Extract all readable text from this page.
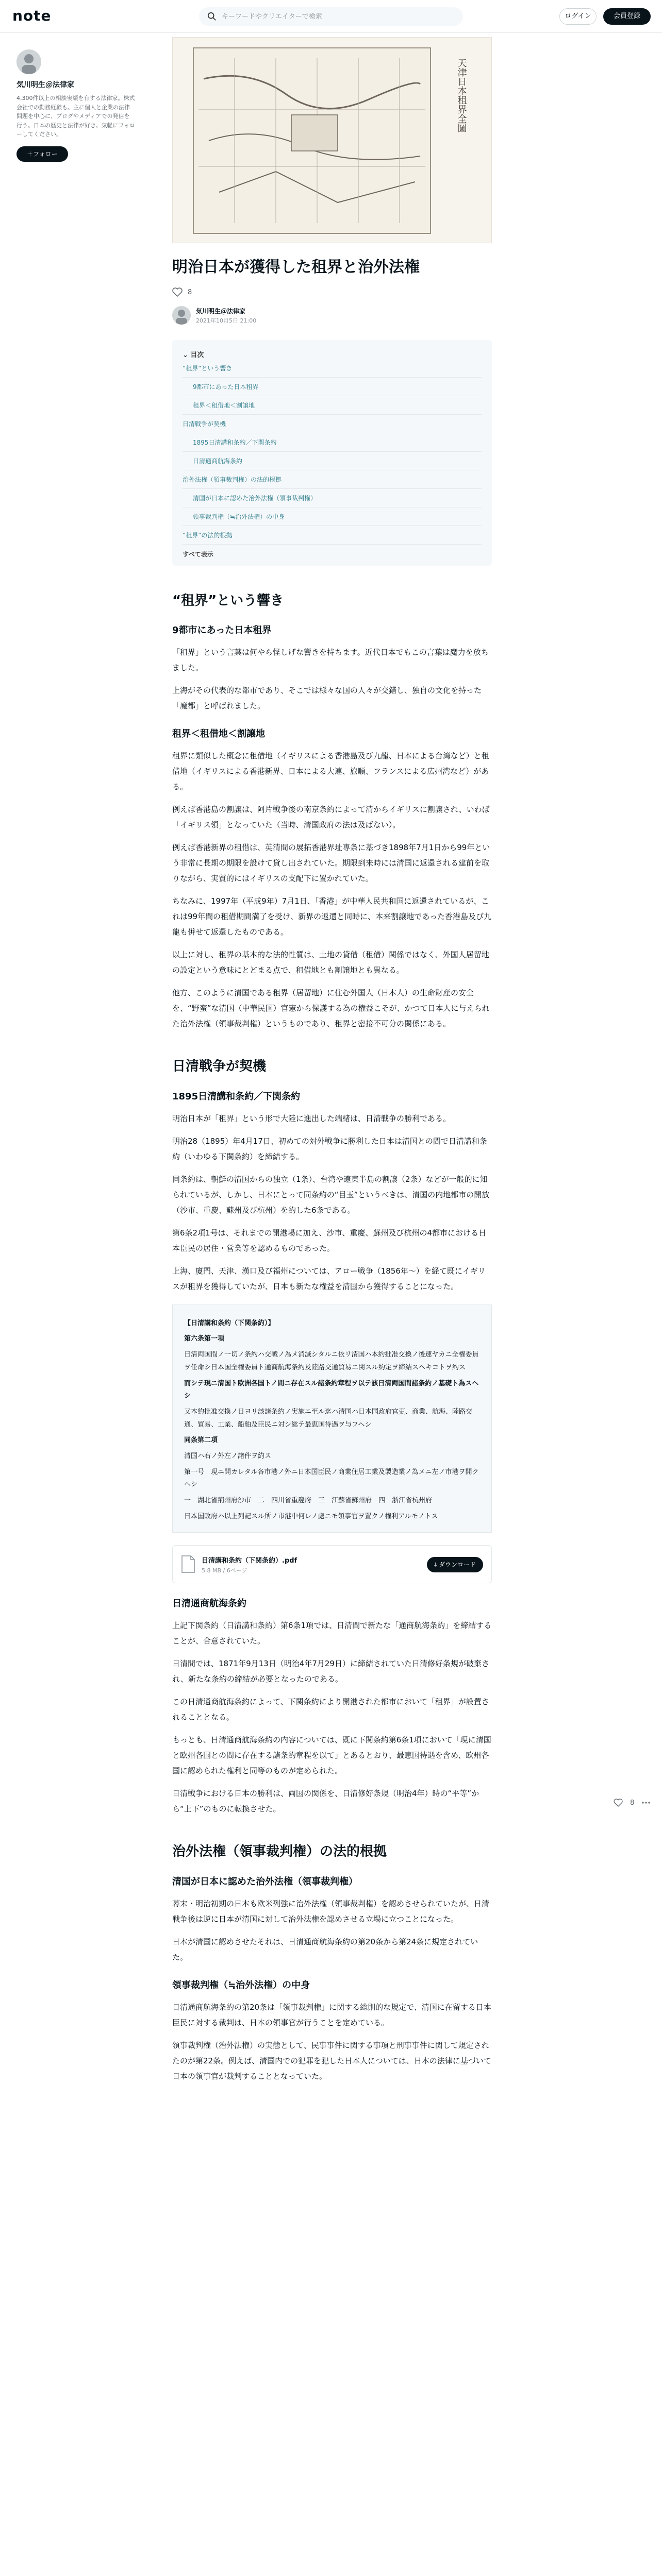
note
キーワードやクリエイターで検索	ログイン	会員登録
気川明生＠法律家
4,300件以上の相談実績を有する法律家。株式会社での勤務経験も。主に個人と企業の法律問題を中心に、ブログやメディアでの発信を行う。日本の歴史と法律が好き。気軽にフォローしてください。
＋フォロー
天津日本租界全圖
明治日本が獲得した租界と治外法権
8
気川明生＠法律家
2021年10月5日 21:00
⌄ 目次
“租界”という響き
9都市にあった日本租界
租界＜租借地＜割譲地
日清戦争が契機
1895日清講和条約／下関条約
日清通商航海条約
治外法権（領事裁判権）の法的根拠
清国が日本に認めた治外法権（領事裁判権）
領事裁判権（≒治外法権）の中身
“租界”の法的根拠
すべて表示
“租界”という響き
9都市にあった日本租界
「租界」という言葉は何やら怪しげな響きを持ちます。近代日本でもこの言葉は魔力を放ちました。
上海がその代表的な都市であり、そこでは様々な国の人々が交錯し、独自の文化を持った「魔都」と呼ばれました。
租界＜租借地＜割譲地
租界に類似した概念に租借地（イギリスによる香港島及び九龍、日本による台湾など）と租借地（イギリスによる香港新界、日本による大連、旅順、フランスによる広州湾など）がある。
例えば香港島の割譲は、阿片戦争後の南京条約によって清からイギリスに割譲され、いわば「イギリス領」となっていた（当時、清国政府の法は及ばない）。
例えば香港新界の租借は、英清間の展拓香港界址専条に基づき1898年7月1日から99年という非常に長期の期限を設けて貸し出されていた。期限到来時には清国に返還される建前を取りながら、実質的にはイギリスの支配下に置かれていた。
ちなみに、1997年（平成9年）7月1日、「香港」が中華人民共和国に返還されているが、これは99年間の租借期間満了を受け、新界の返還と同時に、本来割譲地であった香港島及び九龍も併せて返還したものである。
以上に対し、租界の基本的な法的性質は、土地の貸借（租借）関係ではなく、外国人居留地の設定という意味にとどまる点で、租借地とも割譲地とも異なる。
他方、このように清国である租界（居留地）に住む外国人（日本人）の生命財産の安全を、“野蛮”な清国（中華民国）官憲から保護する為の権益こそが、かつて日本人に与えられた治外法権（領事裁判権）というものであり、租界と密接不可分の関係にある。
日清戦争が契機
1895日清講和条約／下関条約
明治日本が「租界」という形で大陸に進出した端緒は、日清戦争の勝利である。
明治28（1895）年4月17日、初めての対外戦争に勝利した日本は清国との間で日清講和条約（いわゆる下関条約）を締結する。
同条約は、朝鮮の清国からの独立（1条）、台湾や遼東半島の割譲（2条）などが一般的に知られているが、しかし、日本にとって同条約の“目玉”というべきは、清国の内地都市の開放（沙市、重慶、蘇州及び杭州）を約した6条である。
第6条2項1号は、それまでの開港場に加え、沙市、重慶、蘇州及び杭州の4都市における日本臣民の居住・営業等を認めるものであった。
上海、廈門、天津、漢口及び福州については、アロー戦争（1856年〜）を経て既にイギリスが租界を獲得していたが、日本も新たな権益を清国から獲得することになった。
【日清講和条約（下関条約）】
第六条第一項
日清両国間ノ一切ノ条約ハ交戦ノ為メ消滅シタルニ依リ清国ハ本約批准交換ノ後速ヤカニ全権委員ヲ任命シ日本国全権委員ト通商航海条約及陸路交通貿易ニ関スル約定ヲ締結スヘキコトヲ約ス
而シテ現ニ清国ト欧洲各国トノ間ニ存在スル諸条約章程ヲ以テ該日清両国間諸条約ノ基礎ト為スヘシ
又本約批准交換ノ日ヨリ該諸条約ノ実施ニ至ル迄ハ清国ハ日本国政府官吏、商業、航海、陸路交通、貿易、工業、船舶及臣民ニ対シ総テ最恵国待遇ヲ与フヘシ
同条第二項
清国ハ右ノ外左ノ諸件ヲ約ス
第一号　現ニ開カレタル各市港ノ外ニ日本国臣民ノ商業住居工業及製造業ノ為メニ左ノ市港ヲ開クヘシ
一　湖北省荊州府沙市　二　四川省重慶府　三　江蘇省蘇州府　四　浙江省杭州府
日本国政府ハ以上列記スル所ノ市港中何レノ處ニモ領事官ヲ置クノ権利アルモノトス
日清講和条約（下関条約）.pdf
5.8 MB / 6ページ
⤓ ダウンロード
日清通商航海条約
上記下関条約（日清講和条約）第6条1項では、日清間で新たな「通商航海条約」を締結することが、合意されていた。
日清間では、1871年9月13日（明治4年7月29日）に締結されていた日清修好条規が破棄され、新たな条約の締結が必要となったのである。
この日清通商航海条約によって、下関条約により開港された都市において「租界」が設置されることとなる。
もっとも、日清通商航海条約の内容については、既に下関条約第6条1項において「現に清国と欧州各国との間に存在する諸条約章程を以て」とあるとおり、最恵国待遇を含め、欧州各国に認められた権利と同等のものが定められた。
日清戦争における日本の勝利は、両国の関係を、日清修好条規（明治4年）時の“平等”から“上下”のものに転換させた。
治外法権（領事裁判権）の法的根拠
清国が日本に認めた治外法権（領事裁判権）
幕末・明治初期の日本も欧米列強に治外法権（領事裁判権）を認めさせられていたが、日清戦争後は逆に日本が清国に対して治外法権を認めさせる立場に立つことになった。
日本が清国に認めさせたそれは、日清通商航海条約の第20条から第24条に規定されていた。
領事裁判権（≒治外法権）の中身
日清通商航海条約の第20条は「領事裁判権」に関する総則的な規定で、清国に在留する日本臣民に対する裁判は、日本の領事官が行うことを定めている。
領事裁判権（治外法権）の実態として、民事事件に関する事項と刑事事件に関して規定されたのが第22条。例えば、清国内での犯罪を犯した日本人については、日本の法律に基づいて日本の領事官が裁判することとなっていた。
8
